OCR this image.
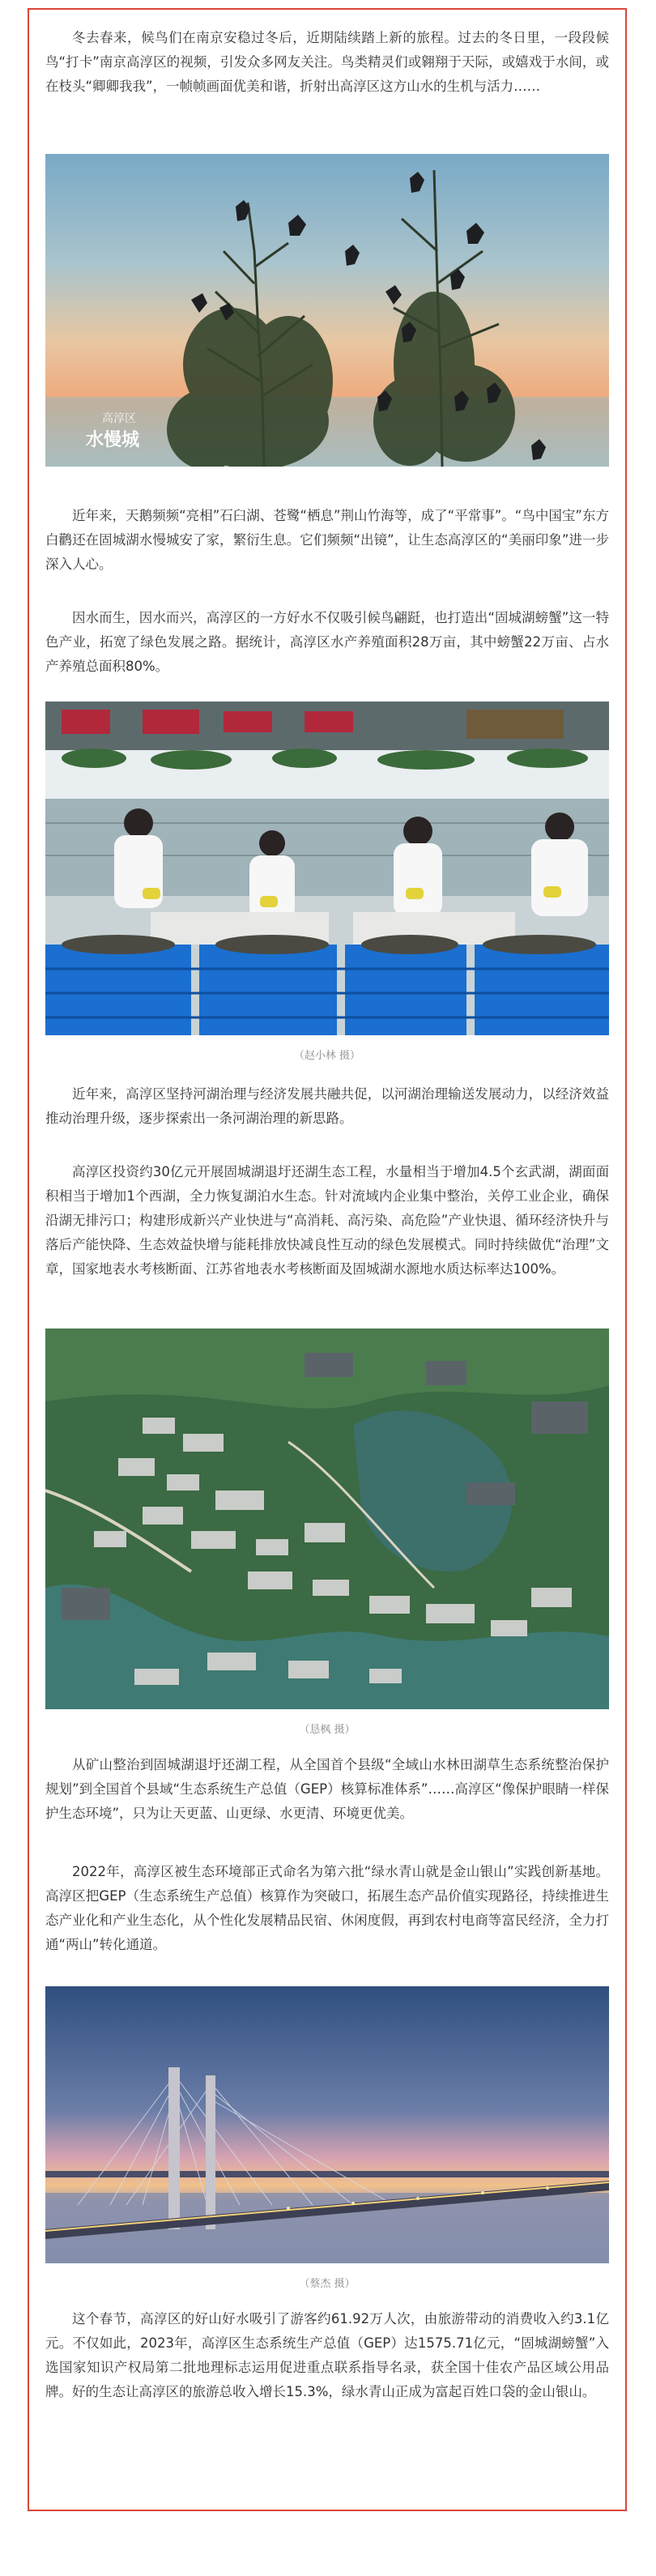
冬去春来，候鸟们在南京安稳过冬后，近期陆续踏上新的旅程。过去的冬日里，一段段候鸟“打卡”南京高淳区的视频，引发众多网友关注。鸟类精灵们或翱翔于天际，或嬉戏于水间，或在枝头“卿卿我我”，一帧帧画面优美和谐，折射出高淳区这方山水的生机与活力……

高淳区
水慢城

近年来，天鹅频频“亮相”石臼湖、苍鹭“栖息”荆山竹海等，成了“平常事”。“鸟中国宝”东方白鹳还在固城湖水慢城安了家，繁衍生息。它们频频“出镜”，让生态高淳区的“美丽印象”进一步深入人心。

因水而生，因水而兴，高淳区的一方好水不仅吸引候鸟翩跹，也打造出“固城湖螃蟹”这一特色产业，拓宽了绿色发展之路。据统计，高淳区水产养殖面积28万亩，其中螃蟹22万亩、占水产养殖总面积80%。

（赵小林 摄）

近年来，高淳区坚持河湖治理与经济发展共融共促，以河湖治理输送发展动力，以经济效益推动治理升级，逐步探索出一条河湖治理的新思路。

高淳区投资约30亿元开展固城湖退圩还湖生态工程，水量相当于增加4.5个玄武湖，湖面面积相当于增加1个西湖，全力恢复湖泊水生态。针对流域内企业集中整治，关停工业企业，确保沿湖无排污口；构建形成新兴产业快进与“高消耗、高污染、高危险”产业快退、循环经济快升与落后产能快降、生态效益快增与能耗排放快减良性互动的绿色发展模式。同时持续做优“治理”文章，国家地表水考核断面、江苏省地表水考核断面及固城湖水源地水质达标率达100%。

（恳枫 摄）

从矿山整治到固城湖退圩还湖工程，从全国首个县级“全域山水林田湖草生态系统整治保护规划”到全国首个县域“生态系统生产总值（GEP）核算标准体系”……高淳区“像保护眼睛一样保护生态环境”，只为让天更蓝、山更绿、水更清、环境更优美。

2022年，高淳区被生态环境部正式命名为第六批“绿水青山就是金山银山”实践创新基地。高淳区把GEP（生态系统生产总值）核算作为突破口，拓展生态产品价值实现路径，持续推进生态产业化和产业生态化，从个性化发展精品民宿、休闲度假，再到农村电商等富民经济，全力打通“两山”转化通道。

（蔡杰 摄）

这个春节，高淳区的好山好水吸引了游客约61.92万人次，由旅游带动的消费收入约3.1亿元。不仅如此，2023年，高淳区生态系统生产总值（GEP）达1575.71亿元，“固城湖螃蟹”入选国家知识产权局第二批地理标志运用促进重点联系指导名录，获全国十佳农产品区域公用品牌。好的生态让高淳区的旅游总收入增长15.3%，绿水青山正成为富起百姓口袋的金山银山。
